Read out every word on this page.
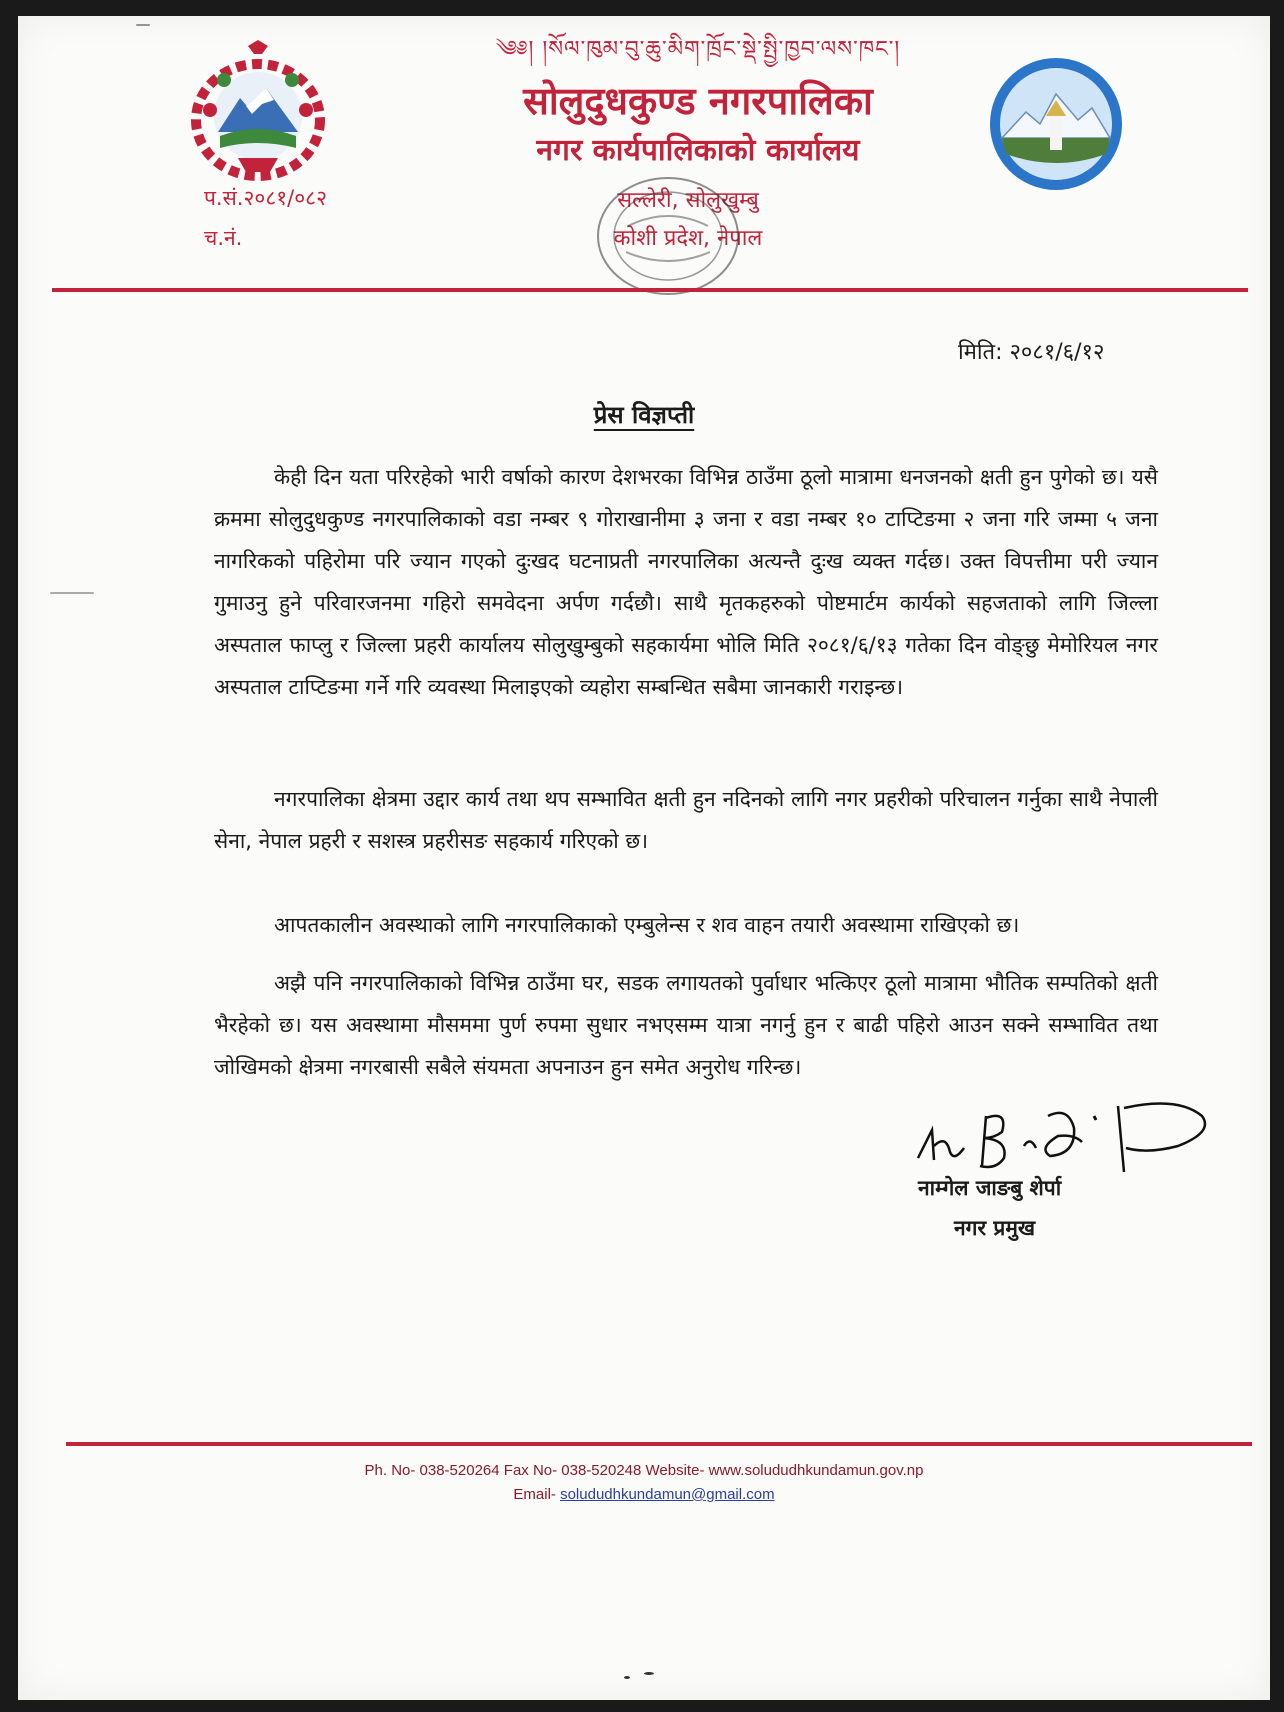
༄༅། །སོལ་ཁུམ་བུ་ཆུ་མིག་ཁྲོང་སྡེ་སྤྱི་ཁྱབ་ལས་ཁང་།
सोलुदुधकुण्ड नगरपालिका
नगर कार्यपालिकाको कार्यालय
सल्लेरी, सोलुखुम्बु
कोशी प्रदेश, नेपाल
प.सं.२०८१/०८२
च.नं.
मिति: २०८१/६/१२
प्रेस विज्ञप्ती

केही दिन यता परिरहेको भारी वर्षाको कारण देशभरका विभिन्न ठाउँमा ठूलो मात्रामा धनजनको क्षती हुन पुगेको छ। यसै क्रममा सोलुदुधकुण्ड नगरपालिकाको वडा नम्बर ९ गोराखानीमा ३ जना र वडा नम्बर १० टाप्टिङमा २ जना गरि जम्मा ५ जना नागरिकको पहिरोमा परि ज्यान गएको दुःखद घटनाप्रती नगरपालिका अत्यन्तै दुःख व्यक्त गर्दछ। उक्त विपत्तीमा परी ज्यान गुमाउनु हुने परिवारजनमा गहिरो समवेदना अर्पण गर्दछौ। साथै मृतकहरुको पोष्टमार्टम कार्यको सहजताको लागि जिल्ला अस्पताल फाप्लु र जिल्ला प्रहरी कार्यालय सोलुखुम्बुको सहकार्यमा भोलि मिति २०८१/६/१३ गतेका दिन वोङ्छु मेमोरियल नगर अस्पताल टाप्टिङमा गर्ने गरि व्यवस्था मिलाइएको व्यहोरा सम्बन्धित सबैमा जानकारी गराइन्छ।

नगरपालिका क्षेत्रमा उद्दार कार्य तथा थप सम्भावित क्षती हुन नदिनको लागि नगर प्रहरीको परिचालन गर्नुका साथै नेपाली सेना, नेपाल प्रहरी र सशस्त्र प्रहरीसङ सहकार्य गरिएको छ।

आपतकालीन अवस्थाको लागि नगरपालिकाको एम्बुलेन्स र शव वाहन तयारी अवस्थामा राखिएको छ।

अझै पनि नगरपालिकाको विभिन्न ठाउँमा घर, सडक लगायतको पुर्वाधार भत्किएर ठूलो मात्रामा भौतिक सम्पतिको क्षती भैरहेको छ। यस अवस्थामा मौसममा पुर्ण रुपमा सुधार नभएसम्म यात्रा नगर्नु हुन र बाढी पहिरो आउन सक्ने सम्भावित तथा जोखिमको क्षेत्रमा नगरबासी सबैले संयमता अपनाउन हुन समेत अनुरोध गरिन्छ।

नाम्गेल जाङबु शेर्पा
नगर प्रमुख
Ph. No- 038-520264 Fax No- 038-520248 Website- www.solududhkundamun.gov.np
Email- solududhkundamun@gmail.com
